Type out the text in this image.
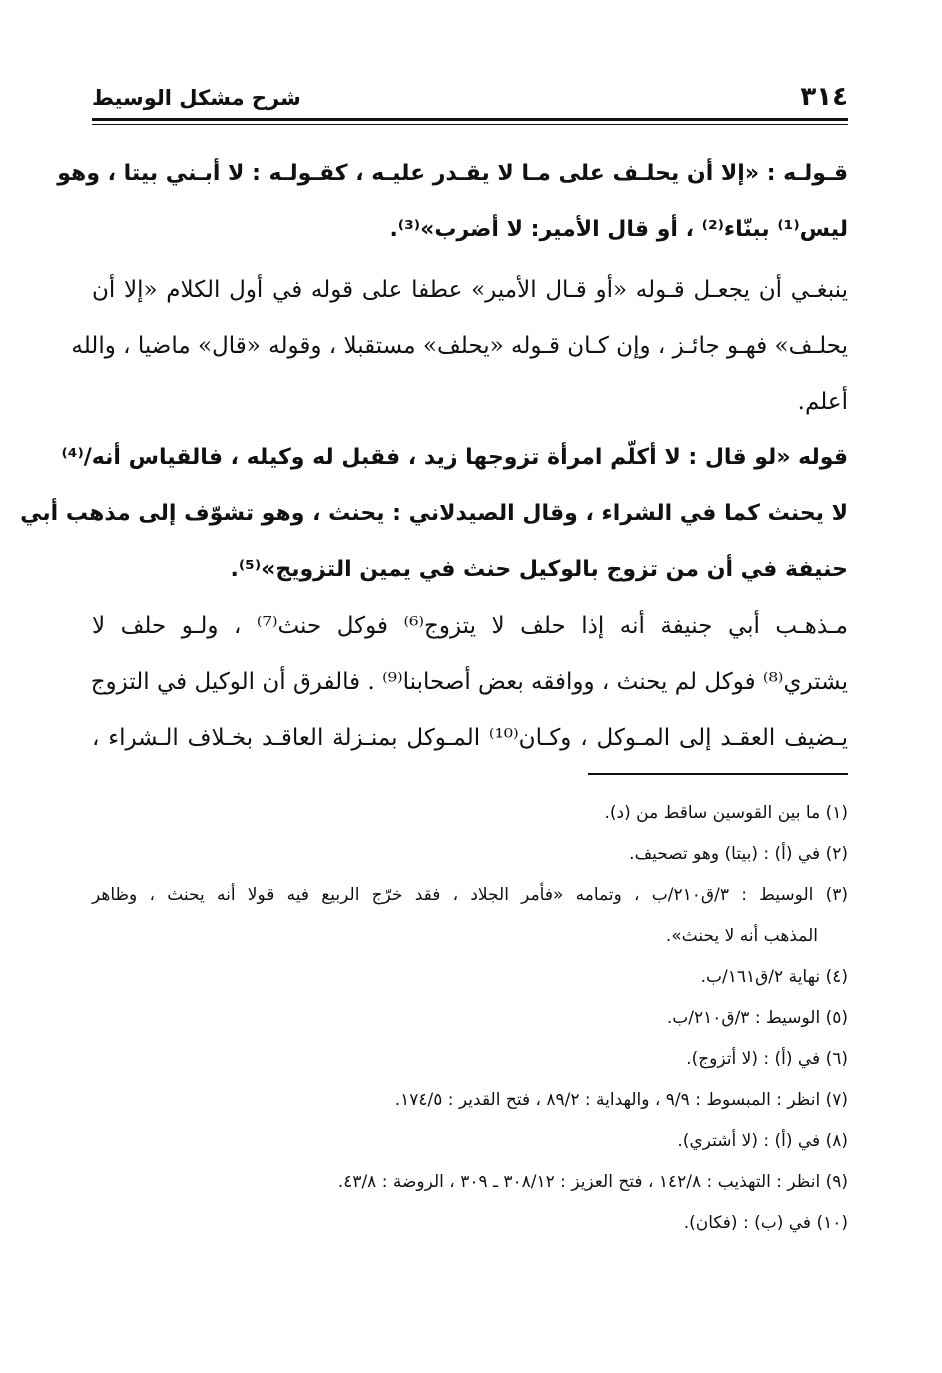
شرح مشكل الوسيط	٣١٤
قـولـه : «إلا أن يحلـف على مـا لا يقـدر عليـه ، كقـولـه : لا أبـني بيتا ، وهو
ليس⁽¹⁾ ببنّاء⁽²⁾ ، أو قال الأمير: لا أضرب»⁽³⁾.
ينبغـي أن يجعـل قـوله «أو قـال الأمير» عطفا على قوله في أول الكلام «إلا أن
يحلـف» فهـو جائـز ، وإن كـان قـوله «يحلف» مستقبلا ، وقوله «قال» ماضيا ، والله
أعلم.
قوله «لو قال : لا أكلّم امرأة تزوجها زيد ، فقبل له وكيله ، فالقياس أنه/⁽⁴⁾
لا يحنث كما في الشراء ، وقال الصيدلاني : يحنث ، وهو تشوّف إلى مذهب أبي
حنيفة في أن من تزوج بالوكيل حنث في يمين التزويج»⁽⁵⁾.
مـذهـب أبي جنيفة أنه إذا حلف لا يتزوج⁽⁶⁾ فوكل حنث⁽⁷⁾ ، ولـو حلف لا
يشتري⁽⁸⁾ فوكل لم يحنث ، ووافقه بعض أصحابنا⁽⁹⁾ . فالفرق أن الوكيل في التزوج
يـضيف العقـد إلى المـوكل ، وكـان⁽¹⁰⁾ المـوكل بمنـزلة العاقـد بخـلاف الـشراء ،
(١) ما بين القوسين ساقط من (د).
(٢) في (أ) : (بيتا) وهو تصحيف.
(٣) الوسيط : ٣/ق٢١٠/ب ، وتمامه «فأمر الجلاد ، فقد خرّج الربيع فيه قولا أنه يحنث ، وظاهر
المذهب أنه لا يحنث».
(٤) نهاية ٢/ق١٦١/ب.
(٥) الوسيط : ٣/ق٢١٠/ب.
(٦) في (أ) : (لا أتزوج).
(٧) انظر : المبسوط : ٩/٩ ، والهداية : ٨٩/٢ ، فتح القدير : ١٧٤/٥.
(٨) في (أ) : (لا أشتري).
(٩) انظر : التهذيب : ١٤٢/٨ ، فتح العزيز : ٣٠٨/١٢ ـ ٣٠٩ ، الروضة : ٤٣/٨.
(١٠) في (ب) : (فكان).
